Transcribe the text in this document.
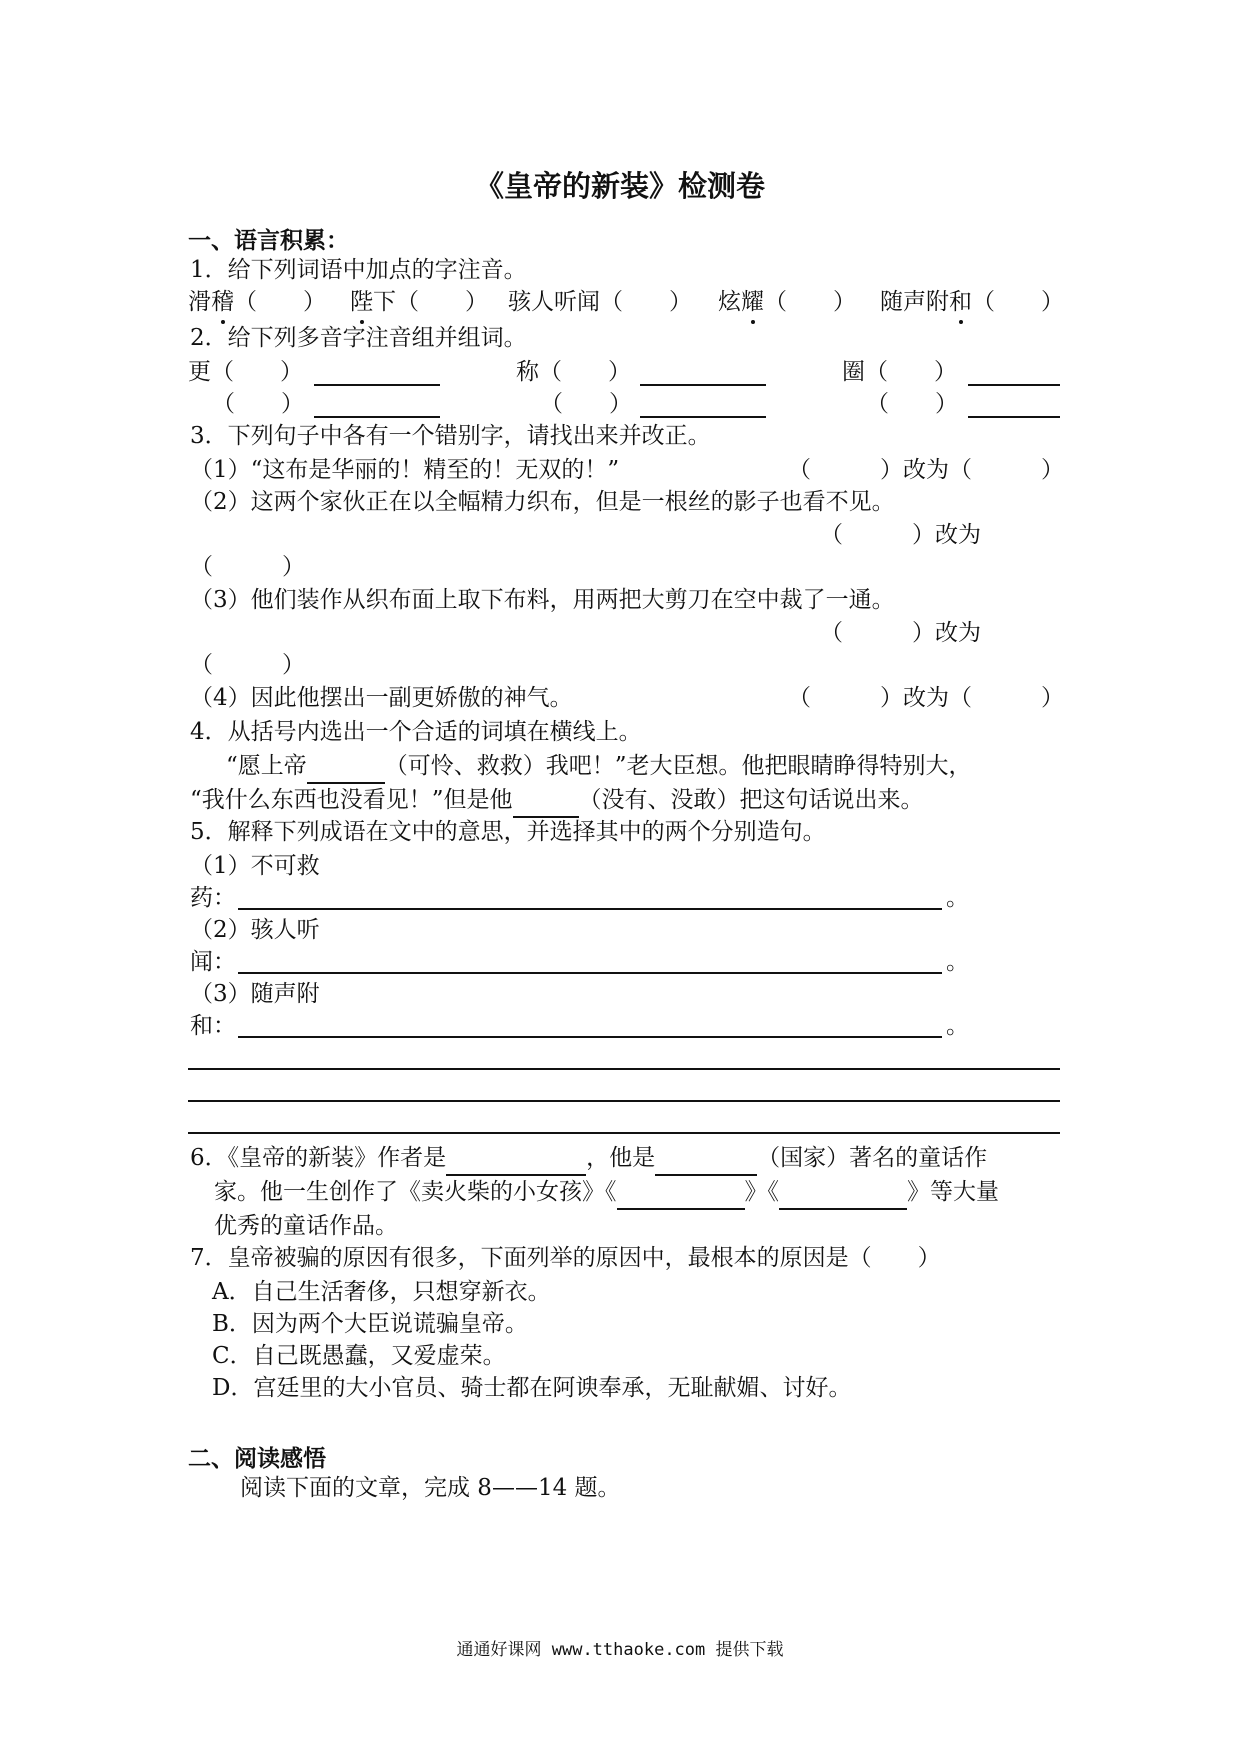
《皇帝的新装》检测卷
一、语言积累：
1．给下列词语中加点的字注音。
滑稽（　　） 陛下（　　） 骇人听闻（　　） 炫耀（　　） 随声附和（　　）
2．给下列多音字注音组并组词。
更（　　）	称（　　）	圈（　　）
（　　）	（　　）	（　　）
3．下列句子中各有一个错别字，请找出来并改正。
（1）“这布是华丽的！精至的！无双的！”	（　　　）改为（　　　）
（2）这两个家伙正在以全幅精力织布，但是一根丝的影子也看不见。
（　　　）改为
（　　　）
（3）他们装作从织布面上取下布料，用两把大剪刀在空中裁了一通。
（　　　）改为
（　　　）
（4）因此他摆出一副更娇傲的神气。	（　　　）改为（　　　）
4．从括号内选出一个合适的词填在横线上。
“愿上帝	（可怜、救救）我吧！”老大臣想。他把眼睛睁得特别大，
“我什么东西也没看见！”但是他	（没有、没敢）把这句话说出来。
5．解释下列成语在文中的意思，并选择其中的两个分别造句。
（1）不可救
药：	。
（2）骇人听
闻：	。
（3）随声附
和：	。
6．《皇帝的新装》作者是	，他是	（国家）著名的童话作
家。他一生创作了《卖火柴的小女孩》《	》《	》等大量
优秀的童话作品。
7．皇帝被骗的原因有很多，下面列举的原因中，最根本的原因是（　　）
A．自己生活奢侈，只想穿新衣。
B．因为两个大臣说谎骗皇帝。
C．自己既愚蠢，又爱虚荣。
D．宫廷里的大小官员、骑士都在阿谀奉承，无耻献媚、讨好。
二、阅读感悟
阅读下面的文章，完成 8——14 题。
通通好课网 www.tthaoke.com 提供下载
